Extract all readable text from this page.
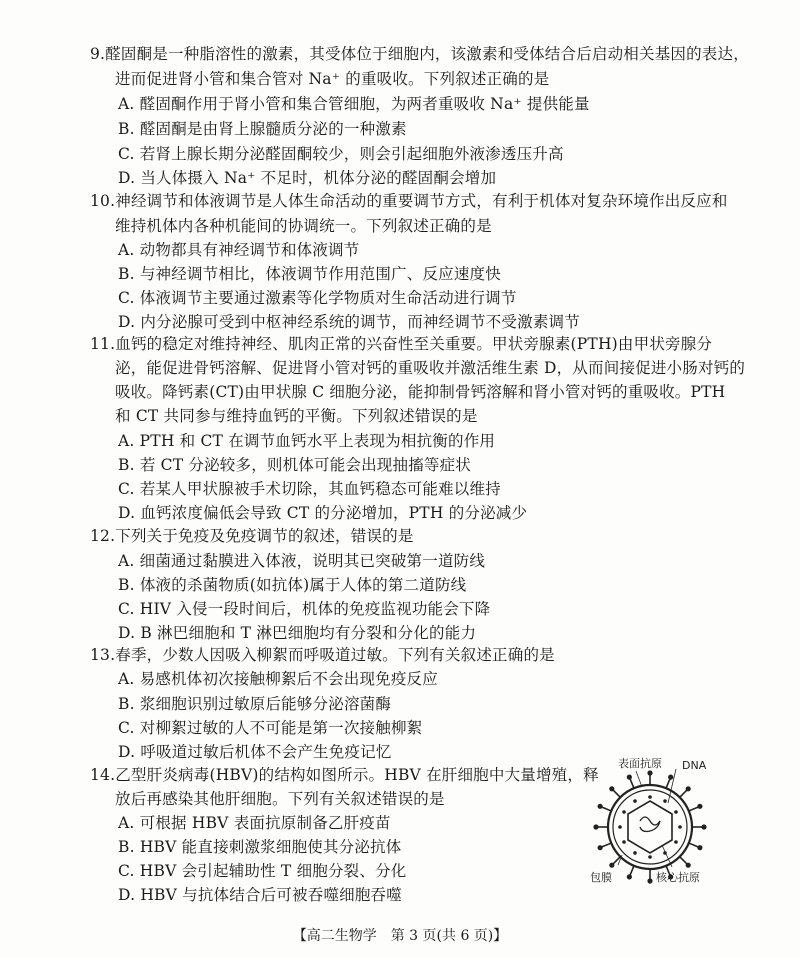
9.醛固酮是一种脂溶性的激素，其受体位于细胞内，该激素和受体结合后启动相关基因的表达，
进而促进肾小管和集合管对 Na⁺ 的重吸收。下列叙述正确的是
A. 醛固酮作用于肾小管和集合管细胞，为两者重吸收 Na⁺ 提供能量
B. 醛固酮是由肾上腺髓质分泌的一种激素
C. 若肾上腺长期分泌醛固酮较少，则会引起细胞外液渗透压升高
D. 当人体摄入 Na⁺ 不足时，机体分泌的醛固酮会增加
10.神经调节和体液调节是人体生命活动的重要调节方式，有利于机体对复杂环境作出反应和
维持机体内各种机能间的协调统一。下列叙述正确的是
A. 动物都具有神经调节和体液调节
B. 与神经调节相比，体液调节作用范围广、反应速度快
C. 体液调节主要通过激素等化学物质对生命活动进行调节
D. 内分泌腺可受到中枢神经系统的调节，而神经调节不受激素调节
11.血钙的稳定对维持神经、肌肉正常的兴奋性至关重要。甲状旁腺素(PTH)由甲状旁腺分
泌，能促进骨钙溶解、促进肾小管对钙的重吸收并激活维生素 D，从而间接促进小肠对钙的
吸收。降钙素(CT)由甲状腺 C 细胞分泌，能抑制骨钙溶解和肾小管对钙的重吸收。PTH
和 CT 共同参与维持血钙的平衡。下列叙述错误的是
A. PTH 和 CT 在调节血钙水平上表现为相抗衡的作用
B. 若 CT 分泌较多，则机体可能会出现抽搐等症状
C. 若某人甲状腺被手术切除，其血钙稳态可能难以维持
D. 血钙浓度偏低会导致 CT 的分泌增加，PTH 的分泌减少
12.下列关于免疫及免疫调节的叙述，错误的是
A. 细菌通过黏膜进入体液，说明其已突破第一道防线
B. 体液的杀菌物质(如抗体)属于人体的第二道防线
C. HIV 入侵一段时间后，机体的免疫监视功能会下降
D. B 淋巴细胞和 T 淋巴细胞均有分裂和分化的能力
13.春季，少数人因吸入柳絮而呼吸道过敏。下列有关叙述正确的是
A. 易感机体初次接触柳絮后不会出现免疫反应
B. 浆细胞识别过敏原后能够分泌溶菌酶
C. 对柳絮过敏的人不可能是第一次接触柳絮
D. 呼吸道过敏后机体不会产生免疫记忆
14.乙型肝炎病毒(HBV)的结构如图所示。HBV 在肝细胞中大量增殖，释
放后再感染其他肝细胞。下列有关叙述错误的是
A. 可根据 HBV 表面抗原制备乙肝疫苗
B. HBV 能直接刺激浆细胞使其分泌抗体
C. HBV 会引起辅助性 T 细胞分裂、分化
D. HBV 与抗体结合后可被吞噬细胞吞噬
表面抗原 DNA
包膜	核心抗原
【高二生物学　第 3 页(共 6 页)】
